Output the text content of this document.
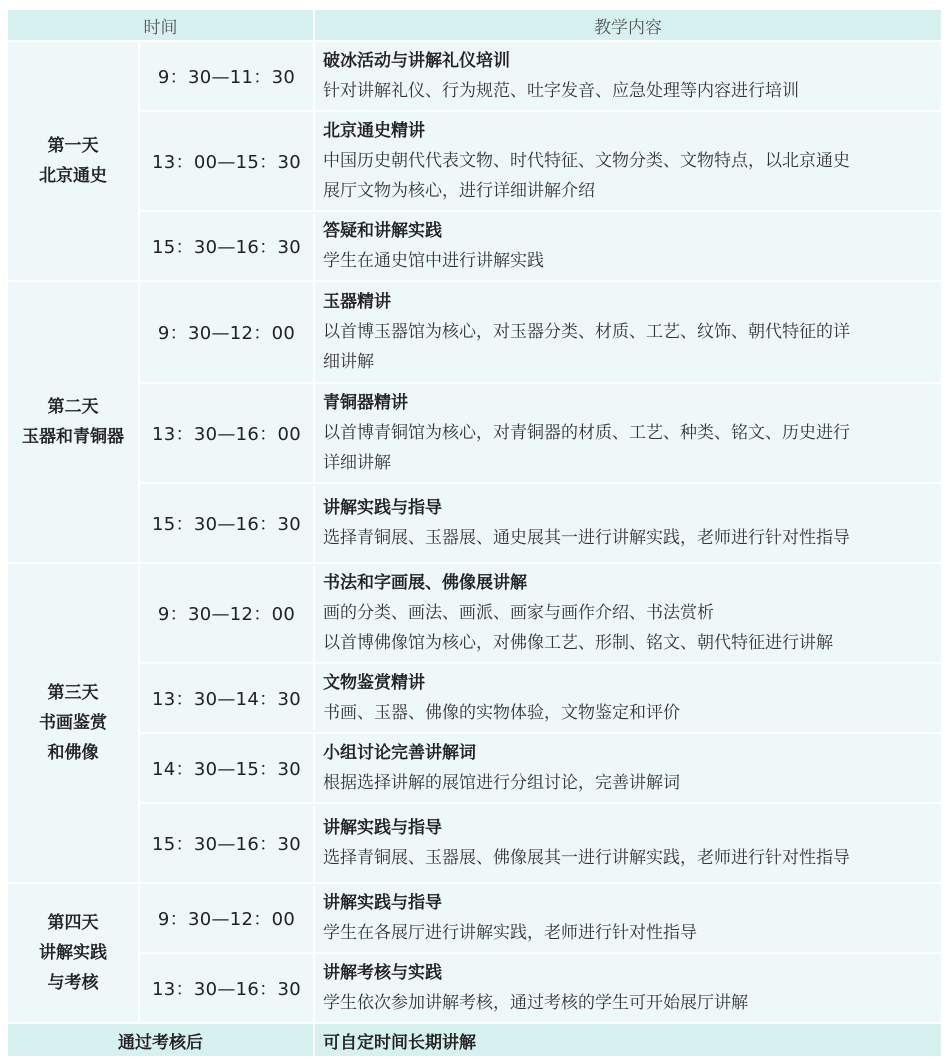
时间		教学内容
第一天
北京通史	9：30—11：30	破冰活动与讲解礼仪培训
针对讲解礼仪、行为规范、吐字发音、应急处理等内容进行培训

	13：00—15：30	北京通史精讲
中国历史朝代代表文物、时代特征、文物分类、文物特点，以北京通史
展厅文物为核心，进行详细讲解介绍

	15：30—16：30	答疑和讲解实践
学生在通史馆中进行讲解实践

第二天
玉器和青铜器	9：30—12：00	玉器精讲
以首博玉器馆为核心，对玉器分类、材质、工艺、纹饰、朝代特征的详
细讲解

	13：30—16：00	青铜器精讲
以首博青铜馆为核心，对青铜器的材质、工艺、种类、铭文、历史进行
详细讲解

	15：30—16：30	讲解实践与指导
选择青铜展、玉器展、通史展其一进行讲解实践，老师进行针对性指导

第三天
书画鉴赏
和佛像	9：30—12：00	书法和字画展、佛像展讲解
画的分类、画法、画派、画家与画作介绍、书法赏析
以首博佛像馆为核心，对佛像工艺、形制、铭文、朝代特征进行讲解

	13：30—14：30	文物鉴赏精讲
书画、玉器、佛像的实物体验，文物鉴定和评价

	14：30—15：30	小组讨论完善讲解词
根据选择讲解的展馆进行分组讨论，完善讲解词

	15：30—16：30	讲解实践与指导
选择青铜展、玉器展、佛像展其一进行讲解实践，老师进行针对性指导

第四天
讲解实践
与考核	9：30—12：00	讲解实践与指导
学生在各展厅进行讲解实践，老师进行针对性指导

	13：30—16：30	讲解考核与实践
学生依次参加讲解考核，通过考核的学生可开始展厅讲解

通过考核后		可自定时间长期讲解
